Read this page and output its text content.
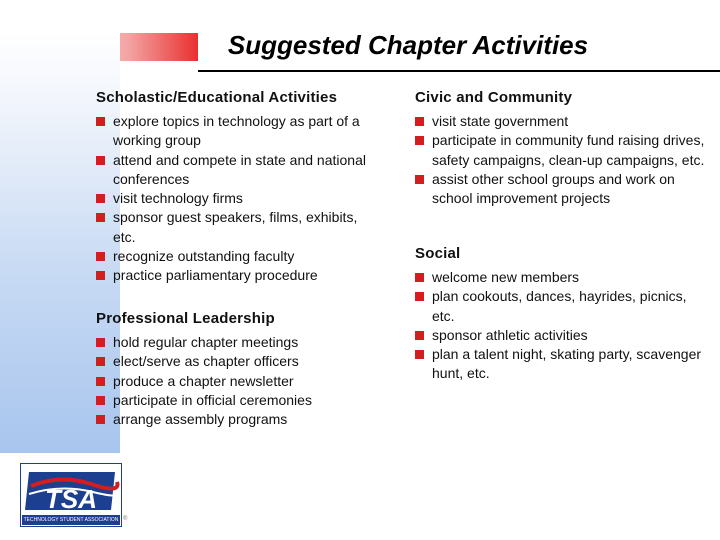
Suggested Chapter Activities
Scholastic/Educational Activities
explore topics in technology as part of a working group
attend and compete in state and national conferences
visit technology firms
sponsor guest speakers, films, exhibits, etc.
recognize outstanding faculty
practice parliamentary procedure
Professional Leadership
hold regular chapter meetings
elect/serve as chapter officers
produce a chapter newsletter
participate in official ceremonies
arrange assembly programs
Civic and Community
visit state government
participate in community fund raising drives, safety campaigns, clean-up campaigns, etc.
assist other school groups and work on school improvement projects
Social
welcome new members
plan cookouts, dances, hayrides, picnics, etc.
sponsor athletic activities
plan a talent night, skating party, scavenger hunt, etc.
TSA
TECHNOLOGY STUDENT ASSOCIATION ®
